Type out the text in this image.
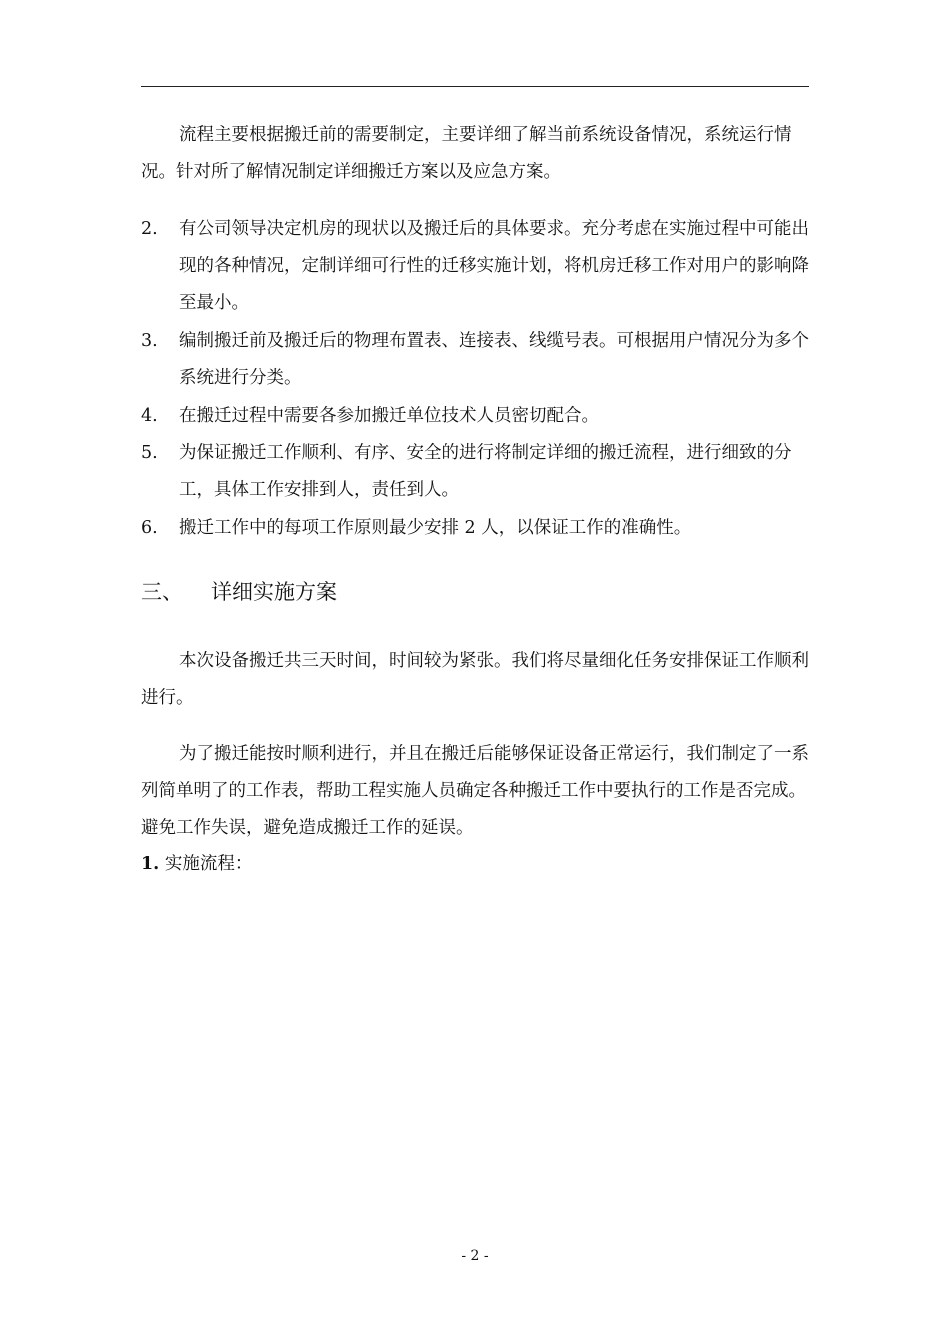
流程主要根据搬迁前的需要制定，主要详细了解当前系统设备情况，系统运行情况。针对所了解情况制定详细搬迁方案以及应急方案。

2.	有公司领导决定机房的现状以及搬迁后的具体要求。充分考虑在实施过程中可能出现的各种情况，定制详细可行性的迁移实施计划，将机房迁移工作对用户的影响降至最小。
3.	编制搬迁前及搬迁后的物理布置表、连接表、线缆号表。可根据用户情况分为多个系统进行分类。
4.	在搬迁过程中需要各参加搬迁单位技术人员密切配合。
5.	为保证搬迁工作顺利、有序、安全的进行将制定详细的搬迁流程，进行细致的分工，具体工作安排到人，责任到人。
6.	搬迁工作中的每项工作原则最少安排 2 人，以保证工作的准确性。
三、 详细实施方案

本次设备搬迁共三天时间，时间较为紧张。我们将尽量细化任务安排保证工作顺利进行。

为了搬迁能按时顺利进行，并且在搬迁后能够保证设备正常运行，我们制定了一系列简单明了的工作表，帮助工程实施人员确定各种搬迁工作中要执行的工作是否完成。避免工作失误，避免造成搬迁工作的延误。

1. 实施流程：
- 2 -
